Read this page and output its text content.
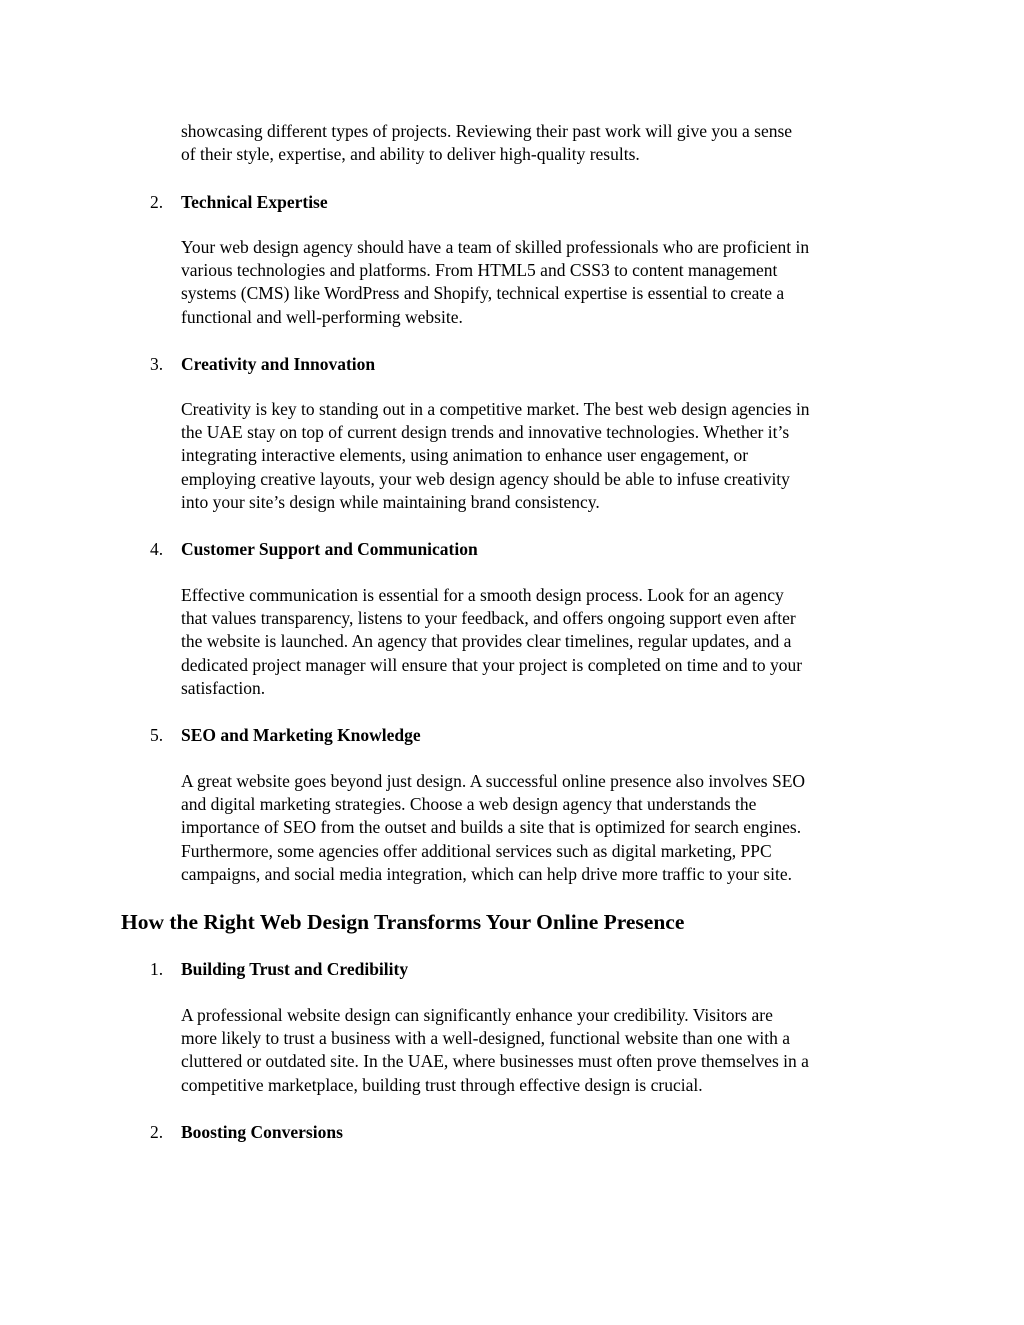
showcasing different types of projects. Reviewing their past work will give you a sense
of their style, expertise, and ability to deliver high-quality results.
2. Technical Expertise
Your web design agency should have a team of skilled professionals who are proficient in
various technologies and platforms. From HTML5 and CSS3 to content management
systems (CMS) like WordPress and Shopify, technical expertise is essential to create a
functional and well-performing website.
3. Creativity and Innovation
Creativity is key to standing out in a competitive market. The best web design agencies in
the UAE stay on top of current design trends and innovative technologies. Whether it’s
integrating interactive elements, using animation to enhance user engagement, or
employing creative layouts, your web design agency should be able to infuse creativity
into your site’s design while maintaining brand consistency.
4. Customer Support and Communication
Effective communication is essential for a smooth design process. Look for an agency
that values transparency, listens to your feedback, and offers ongoing support even after
the website is launched. An agency that provides clear timelines, regular updates, and a
dedicated project manager will ensure that your project is completed on time and to your
satisfaction.
5. SEO and Marketing Knowledge
A great website goes beyond just design. A successful online presence also involves SEO
and digital marketing strategies. Choose a web design agency that understands the
importance of SEO from the outset and builds a site that is optimized for search engines.
Furthermore, some agencies offer additional services such as digital marketing, PPC
campaigns, and social media integration, which can help drive more traffic to your site.
How the Right Web Design Transforms Your Online Presence
1. Building Trust and Credibility
A professional website design can significantly enhance your credibility. Visitors are
more likely to trust a business with a well-designed, functional website than one with a
cluttered or outdated site. In the UAE, where businesses must often prove themselves in a
competitive marketplace, building trust through effective design is crucial.
2. Boosting Conversions
